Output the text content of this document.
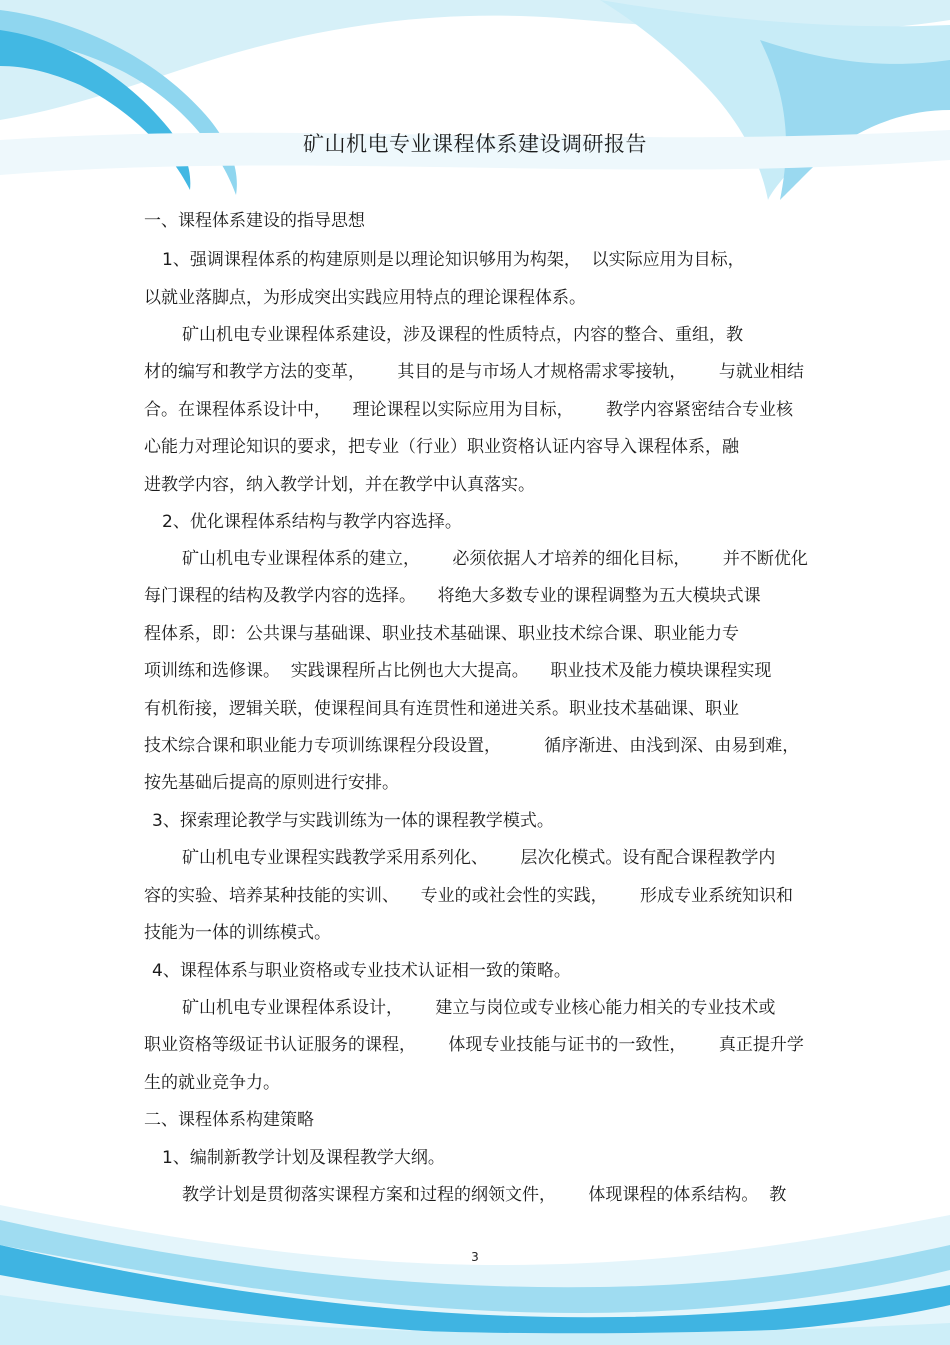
矿山机电专业课程体系建设调研报告
一、课程体系建设的指导思想
1、强调课程体系的构建原则是以理论知识够用为构架，  以实际应用为目标，
以就业落脚点，为形成突出实践应用特点的理论课程体系。
矿山机电专业课程体系建设，涉及课程的性质特点，内容的整合、重组，教
材的编写和教学方法的变革，      其目的是与市场人才规格需求零接轨，      与就业相结
合。在课程体系设计中，    理论课程以实际应用为目标，      教学内容紧密结合专业核
心能力对理论知识的要求，把专业（行业）职业资格认证内容导入课程体系，融
进教学内容，纳入教学计划，并在教学中认真落实。
2、优化课程体系结构与教学内容选择。
矿山机电专业课程体系的建立，      必须依据人才培养的细化目标，      并不断优化
每门课程的结构及教学内容的选择。    将绝大多数专业的课程调整为五大模块式课
程体系，即：公共课与基础课、职业技术基础课、职业技术综合课、职业能力专
项训练和选修课。  实践课程所占比例也大大提高。    职业技术及能力模块课程实现
有机衔接，逻辑关联，使课程间具有连贯性和递进关系。职业技术基础课、职业
技术综合课和职业能力专项训练课程分段设置，        循序渐进、由浅到深、由易到难，
按先基础后提高的原则进行安排。
3、探索理论教学与实践训练为一体的课程教学模式。
矿山机电专业课程实践教学采用系列化、      层次化模式。设有配合课程教学内
容的实验、培养某种技能的实训、    专业的或社会性的实践，      形成专业系统知识和
技能为一体的训练模式。
4、课程体系与职业资格或专业技术认证相一致的策略。
矿山机电专业课程体系设计，      建立与岗位或专业核心能力相关的专业技术或
职业资格等级证书认证服务的课程，      体现专业技能与证书的一致性，      真正提升学
生的就业竞争力。
二、课程体系构建策略
1、编制新教学计划及课程教学大纲。
教学计划是贯彻落实课程方案和过程的纲领文件，      体现课程的体系结构。  教
3
